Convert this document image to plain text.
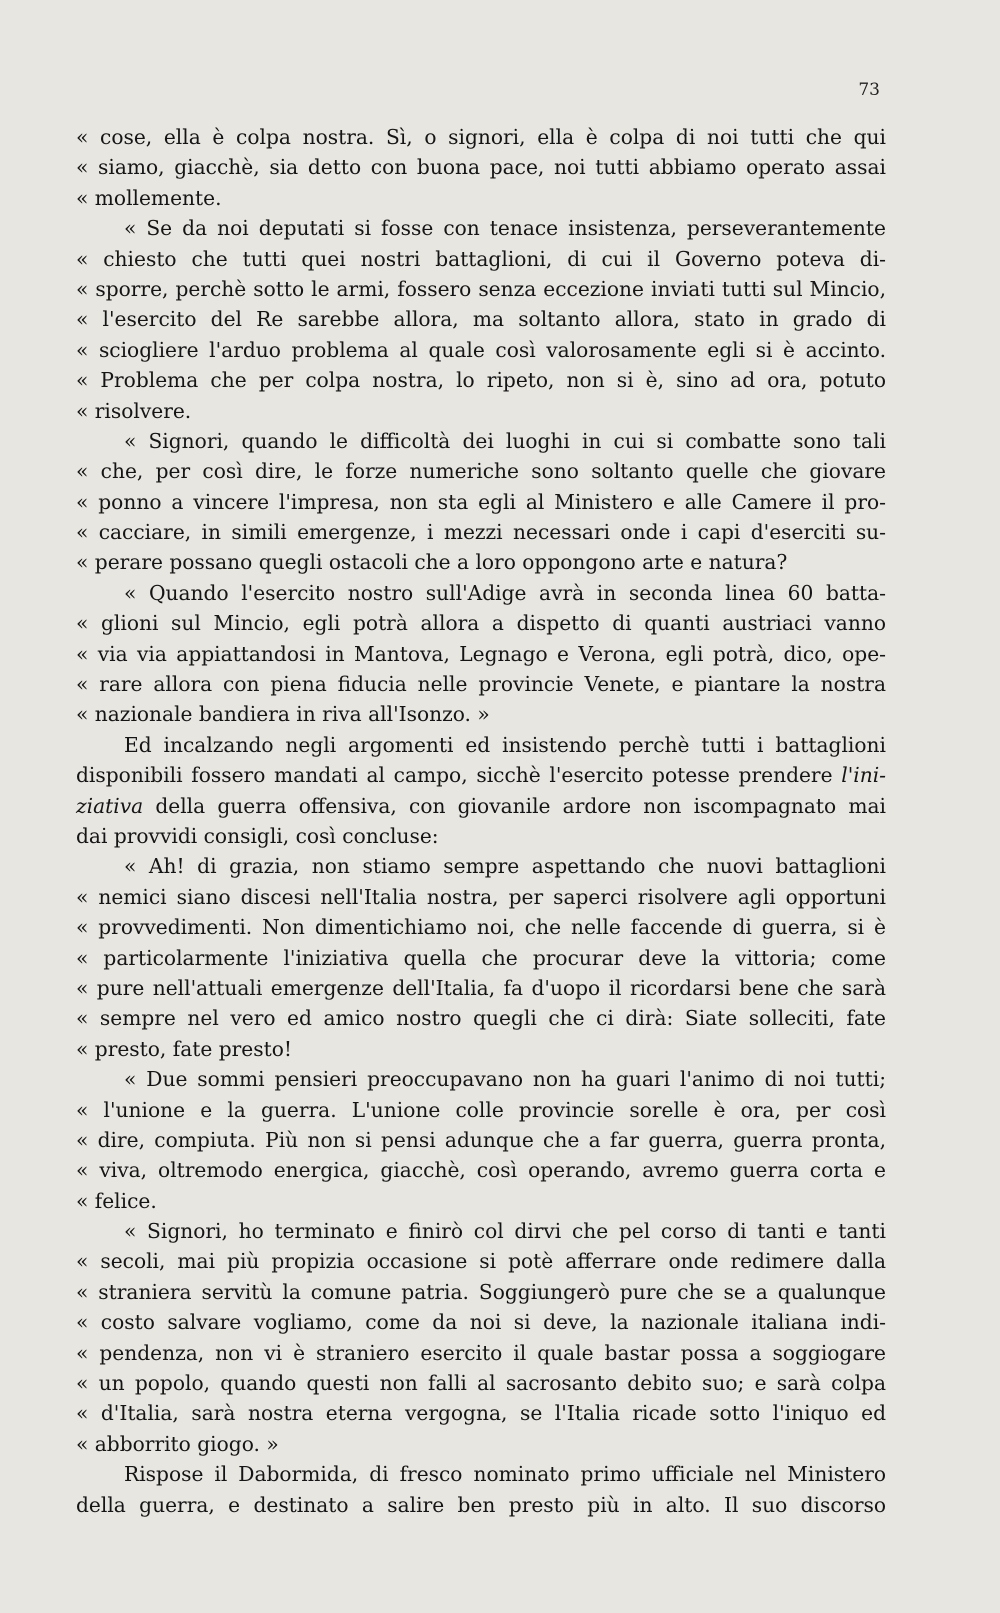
73
« cose, ella è colpa nostra. Sì, o signori, ella è colpa di noi tutti che qui
« siamo, giacchè, sia detto con buona pace, noi tutti abbiamo operato assai
« mollemente.
« Se da noi deputati si fosse con tenace insistenza, perseverantemente
« chiesto che tutti quei nostri battaglioni, di cui il Governo poteva di-
« sporre, perchè sotto le armi, fossero senza eccezione inviati tutti sul Mincio,
« l'esercito del Re sarebbe allora, ma soltanto allora, stato in grado di
« sciogliere l'arduo problema al quale così valorosamente egli si è accinto.
« Problema che per colpa nostra, lo ripeto, non si è, sino ad ora, potuto
« risolvere.
« Signori, quando le difficoltà dei luoghi in cui si combatte sono tali
« che, per così dire, le forze numeriche sono soltanto quelle che giovare
« ponno a vincere l'impresa, non sta egli al Ministero e alle Camere il pro-
« cacciare, in simili emergenze, i mezzi necessari onde i capi d'eserciti su-
« perare possano quegli ostacoli che a loro oppongono arte e natura?
« Quando l'esercito nostro sull'Adige avrà in seconda linea 60 batta-
« glioni sul Mincio, egli potrà allora a dispetto di quanti austriaci vanno
« via via appiattandosi in Mantova, Legnago e Verona, egli potrà, dico, ope-
« rare allora con piena fiducia nelle provincie Venete, e piantare la nostra
« nazionale bandiera in riva all'Isonzo. »
Ed incalzando negli argomenti ed insistendo perchè tutti i battaglioni
disponibili fossero mandati al campo, sicchè l'esercito potesse prendere l'ini-
ziativa della guerra offensiva, con giovanile ardore non iscompagnato mai
dai provvidi consigli, così concluse:
« Ah! di grazia, non stiamo sempre aspettando che nuovi battaglioni
« nemici siano discesi nell'Italia nostra, per saperci risolvere agli opportuni
« provvedimenti. Non dimentichiamo noi, che nelle faccende di guerra, si è
« particolarmente l'iniziativa quella che procurar deve la vittoria; come
« pure nell'attuali emergenze dell'Italia, fa d'uopo il ricordarsi bene che sarà
« sempre nel vero ed amico nostro quegli che ci dirà: Siate solleciti, fate
« presto, fate presto!
« Due sommi pensieri preoccupavano non ha guari l'animo di noi tutti;
« l'unione e la guerra. L'unione colle provincie sorelle è ora, per così
« dire, compiuta. Più non si pensi adunque che a far guerra, guerra pronta,
« viva, oltremodo energica, giacchè, così operando, avremo guerra corta e
« felice.
« Signori, ho terminato e finirò col dirvi che pel corso di tanti e tanti
« secoli, mai più propizia occasione si potè afferrare onde redimere dalla
« straniera servitù la comune patria. Soggiungerò pure che se a qualunque
« costo salvare vogliamo, come da noi si deve, la nazionale italiana indi-
« pendenza, non vi è straniero esercito il quale bastar possa a soggiogare
« un popolo, quando questi non falli al sacrosanto debito suo; e sarà colpa
« d'Italia, sarà nostra eterna vergogna, se l'Italia ricade sotto l'iniquo ed
« abborrito giogo. »
Rispose il Dabormida, di fresco nominato primo ufficiale nel Ministero
della guerra, e destinato a salire ben presto più in alto. Il suo discorso
